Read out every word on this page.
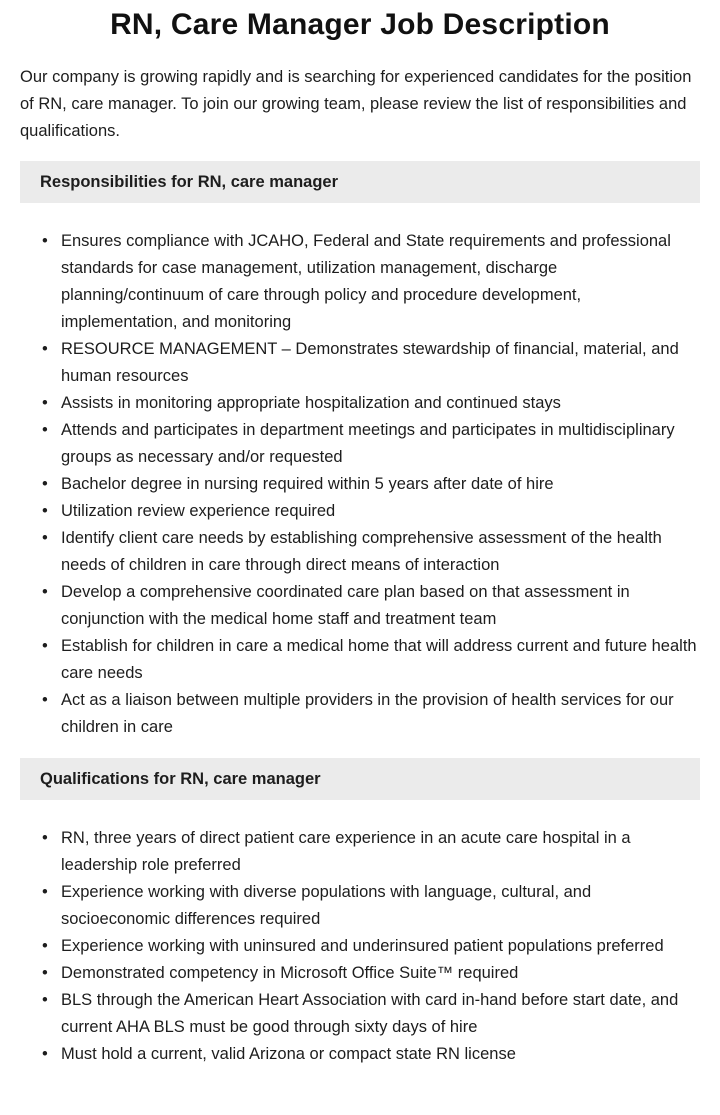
RN, Care Manager Job Description

Our company is growing rapidly and is searching for experienced candidates for the position of RN, care manager. To join our growing team, please review the list of responsibilities and qualifications.

Responsibilities for RN, care manager
• Ensures compliance with JCAHO, Federal and State requirements and professional standards for case management, utilization management, discharge planning/continuum of care through policy and procedure development, implementation, and monitoring
• RESOURCE MANAGEMENT – Demonstrates stewardship of financial, material, and human resources
• Assists in monitoring appropriate hospitalization and continued stays
• Attends and participates in department meetings and participates in multidisciplinary groups as necessary and/or requested
• Bachelor degree in nursing required within 5 years after date of hire
• Utilization review experience required
• Identify client care needs by establishing comprehensive assessment of the health needs of children in care through direct means of interaction
• Develop a comprehensive coordinated care plan based on that assessment in conjunction with the medical home staff and treatment team
• Establish for children in care a medical home that will address current and future health care needs
• Act as a liaison between multiple providers in the provision of health services for our children in care
Qualifications for RN, care manager
• RN, three years of direct patient care experience in an acute care hospital in a leadership role preferred
• Experience working with diverse populations with language, cultural, and socioeconomic differences required
• Experience working with uninsured and underinsured patient populations preferred
• Demonstrated competency in Microsoft Office Suite™ required
• BLS through the American Heart Association with card in-hand before start date, and current AHA BLS must be good through sixty days of hire
• Must hold a current, valid Arizona or compact state RN license
